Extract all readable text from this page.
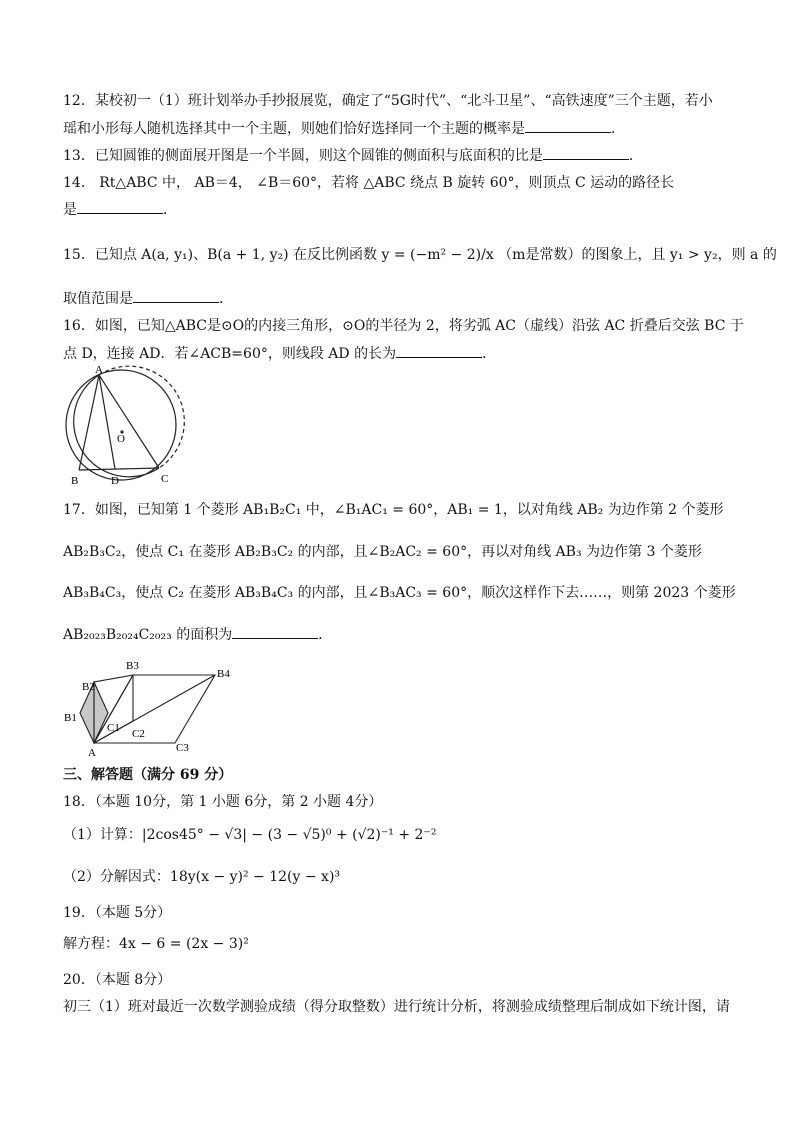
12．某校初一（1）班计划举办手抄报展览，确定了“5G时代”、“北斗卫星”、“高铁速度”三个主题，若小
瑶和小形每人随机选择其中一个主题，则她们恰好选择同一个主题的概率是	．
13．已知圆锥的侧面展开图是一个半圆，则这个圆锥的侧面积与底面积的比是	．
14． Rt△ABC 中， AB＝4， ∠B＝60°，若将 △ABC 绕点 B 旋转 60°，则顶点 C 运动的路径长
是	．
15．已知点 A(a, y₁)、B(a + 1, y₂) 在反比例函数 y = (−m² − 2)/x （m是常数）的图象上，且 y₁ > y₂，则 a 的
取值范围是	．
16．如图，已知△ABC是⊙O的内接三角形，⊙O的半径为 2，将劣弧 AC（虚线）沿弦 AC 折叠后交弦 BC 于
点 D，连接 AD．若∠ACB=60°，则线段 AD 的长为	．
A
B	D	C
O
17．如图，已知第 1 个菱形 AB₁B₂C₁ 中，∠B₁AC₁ = 60°，AB₁ = 1，以对角线 AB₂ 为边作第 2 个菱形
AB₂B₃C₂，使点 C₁ 在菱形 AB₂B₃C₂ 的内部，且∠B₂AC₂ = 60°，再以对角线 AB₃ 为边作第 3 个菱形
AB₃B₄C₃，使点 C₂ 在菱形 AB₃B₄C₃ 的内部，且∠B₃AC₃ = 60°，顺次这样作下去……，则第 2023 个菱形
AB₂₀₂₃B₂₀₂₄C₂₀₂₃ 的面积为	．
B3
B4
B2
B1
C1 C2
A	C3
三、解答题（满分 69 分）
18．（本题 10分，第 1 小题 6分，第 2 小题 4分）
（1）计算：|2cos45° − √3| − (3 − √5)⁰ + (√2)⁻¹ + 2⁻²
（2）分解因式：18y(x − y)² − 12(y − x)³
19．（本题 5分）
解方程：4x − 6 = (2x − 3)²
20．（本题 8分）
初三（1）班对最近一次数学测验成绩（得分取整数）进行统计分析，将测验成绩整理后制成如下统计图，请
